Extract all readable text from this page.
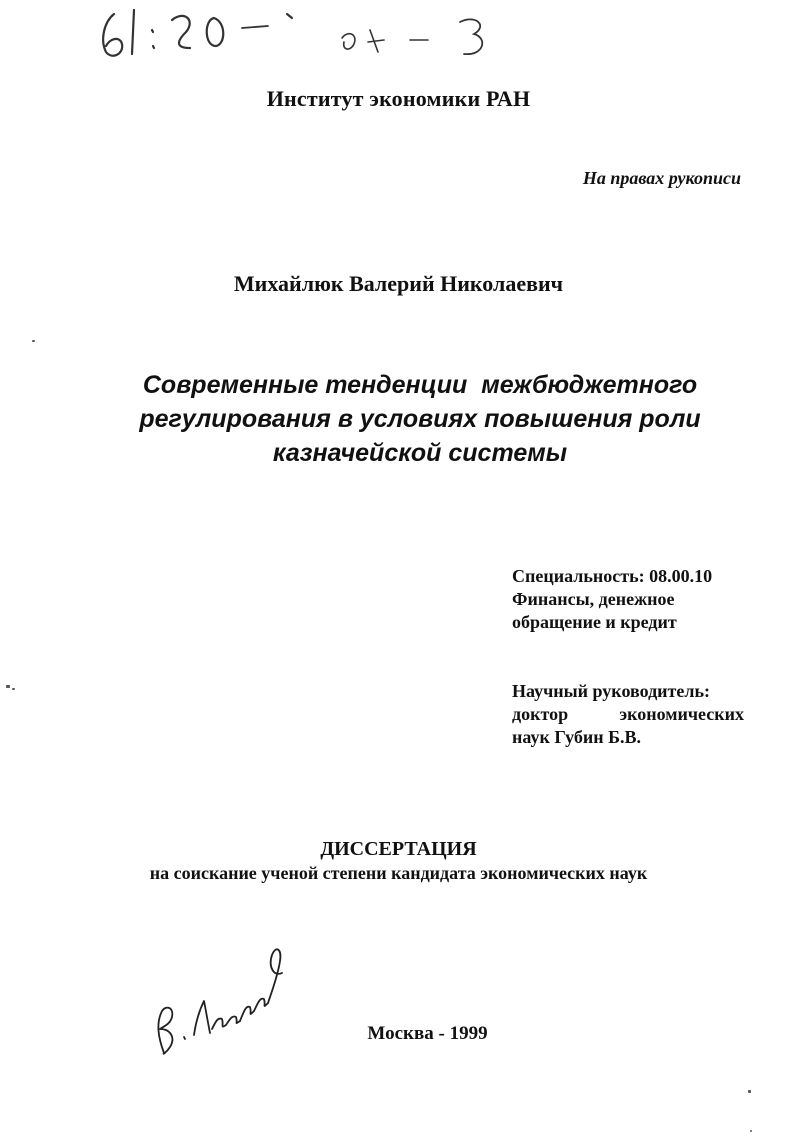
Институт экономики РАН
На правах рукописи
Михайлюк Валерий Николаевич
Современные тенденции  межбюджетного
регулирования в условиях повышения роли
казначейской системы
Специальность: 08.00.10
Финансы, денежное
обращение и кредит
Научный руководитель:
доктор экономических
наук Губин Б.В.
ДИССЕРТАЦИЯ
на соискание ученой степени кандидата экономических наук
Москва - 1999
